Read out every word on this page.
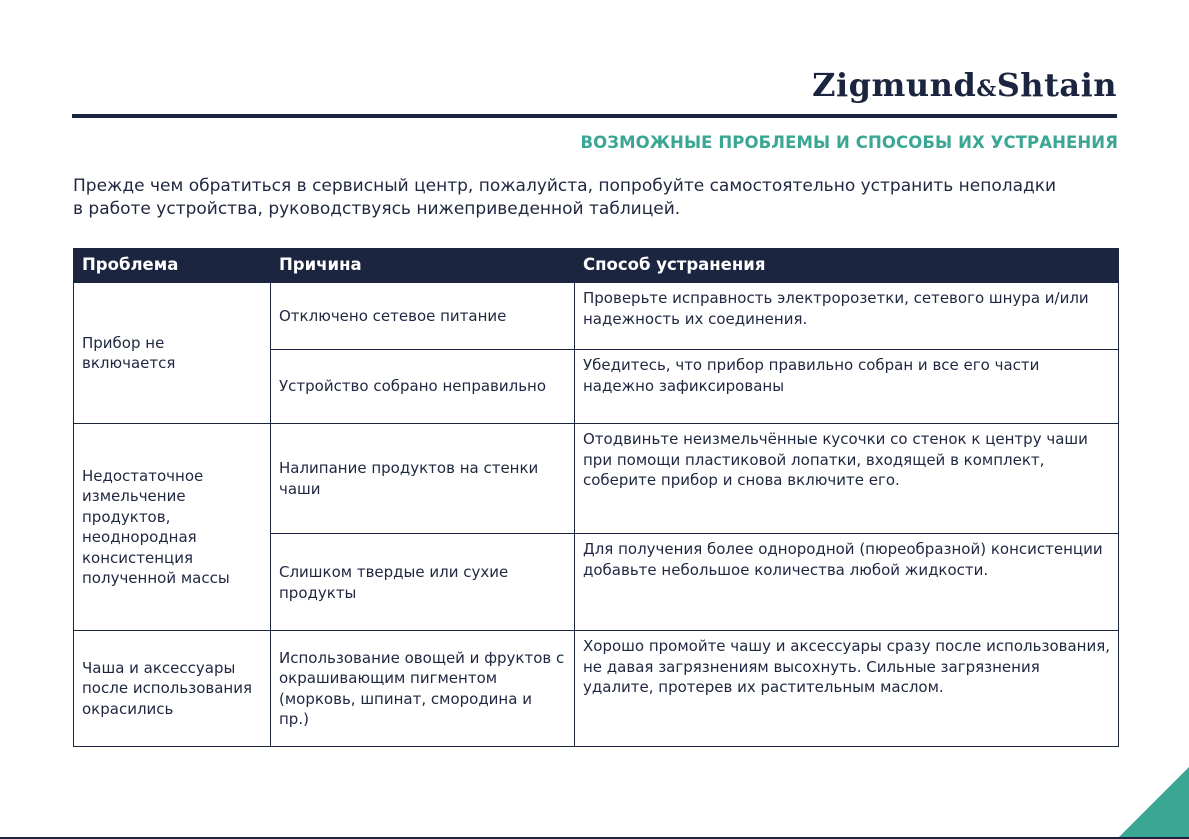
Zigmund&Shtain
ВОЗМОЖНЫЕ ПРОБЛЕМЫ И СПОСОБЫ ИХ УСТРАНЕНИЯ

Прежде чем обратиться в сервисный центр, пожалуйста, попробуйте самостоятельно устранить неполадки
в работе устройства, руководствуясь нижеприведенной таблицей.

Проблема	Причина	Способ устранения
Прибор не включается	Отключено сетевое питание	Проверьте исправность электророзетки, сетевого шнура и/или надежность их соединения.
	Устройство собрано неправильно	Убедитесь, что прибор правильно собран и все его части надежно зафиксированы
Недостаточное измельчение продуктов, неоднородная консистенция полученной массы	Налипание продуктов на стенки чаши	Отодвиньте неизмельчённые кусочки со стенок к центру чаши при помощи пластиковой лопатки, входящей в комплект, соберите прибор и снова включите его.
	Слишком твердые или сухие продукты	Для получения более однородной (пюреобразной) консистенции добавьте небольшое количества любой жидкости.
Чаша и аксессуары после использования окрасились	Использование овощей и фруктов с окрашивающим пигментом (морковь, шпинат, смородина и пр.)	Хорошо промойте чашу и аксессуары сразу после использования, не давая загрязнениям высохнуть. Сильные загрязнения удалите, протерев их растительным маслом.
